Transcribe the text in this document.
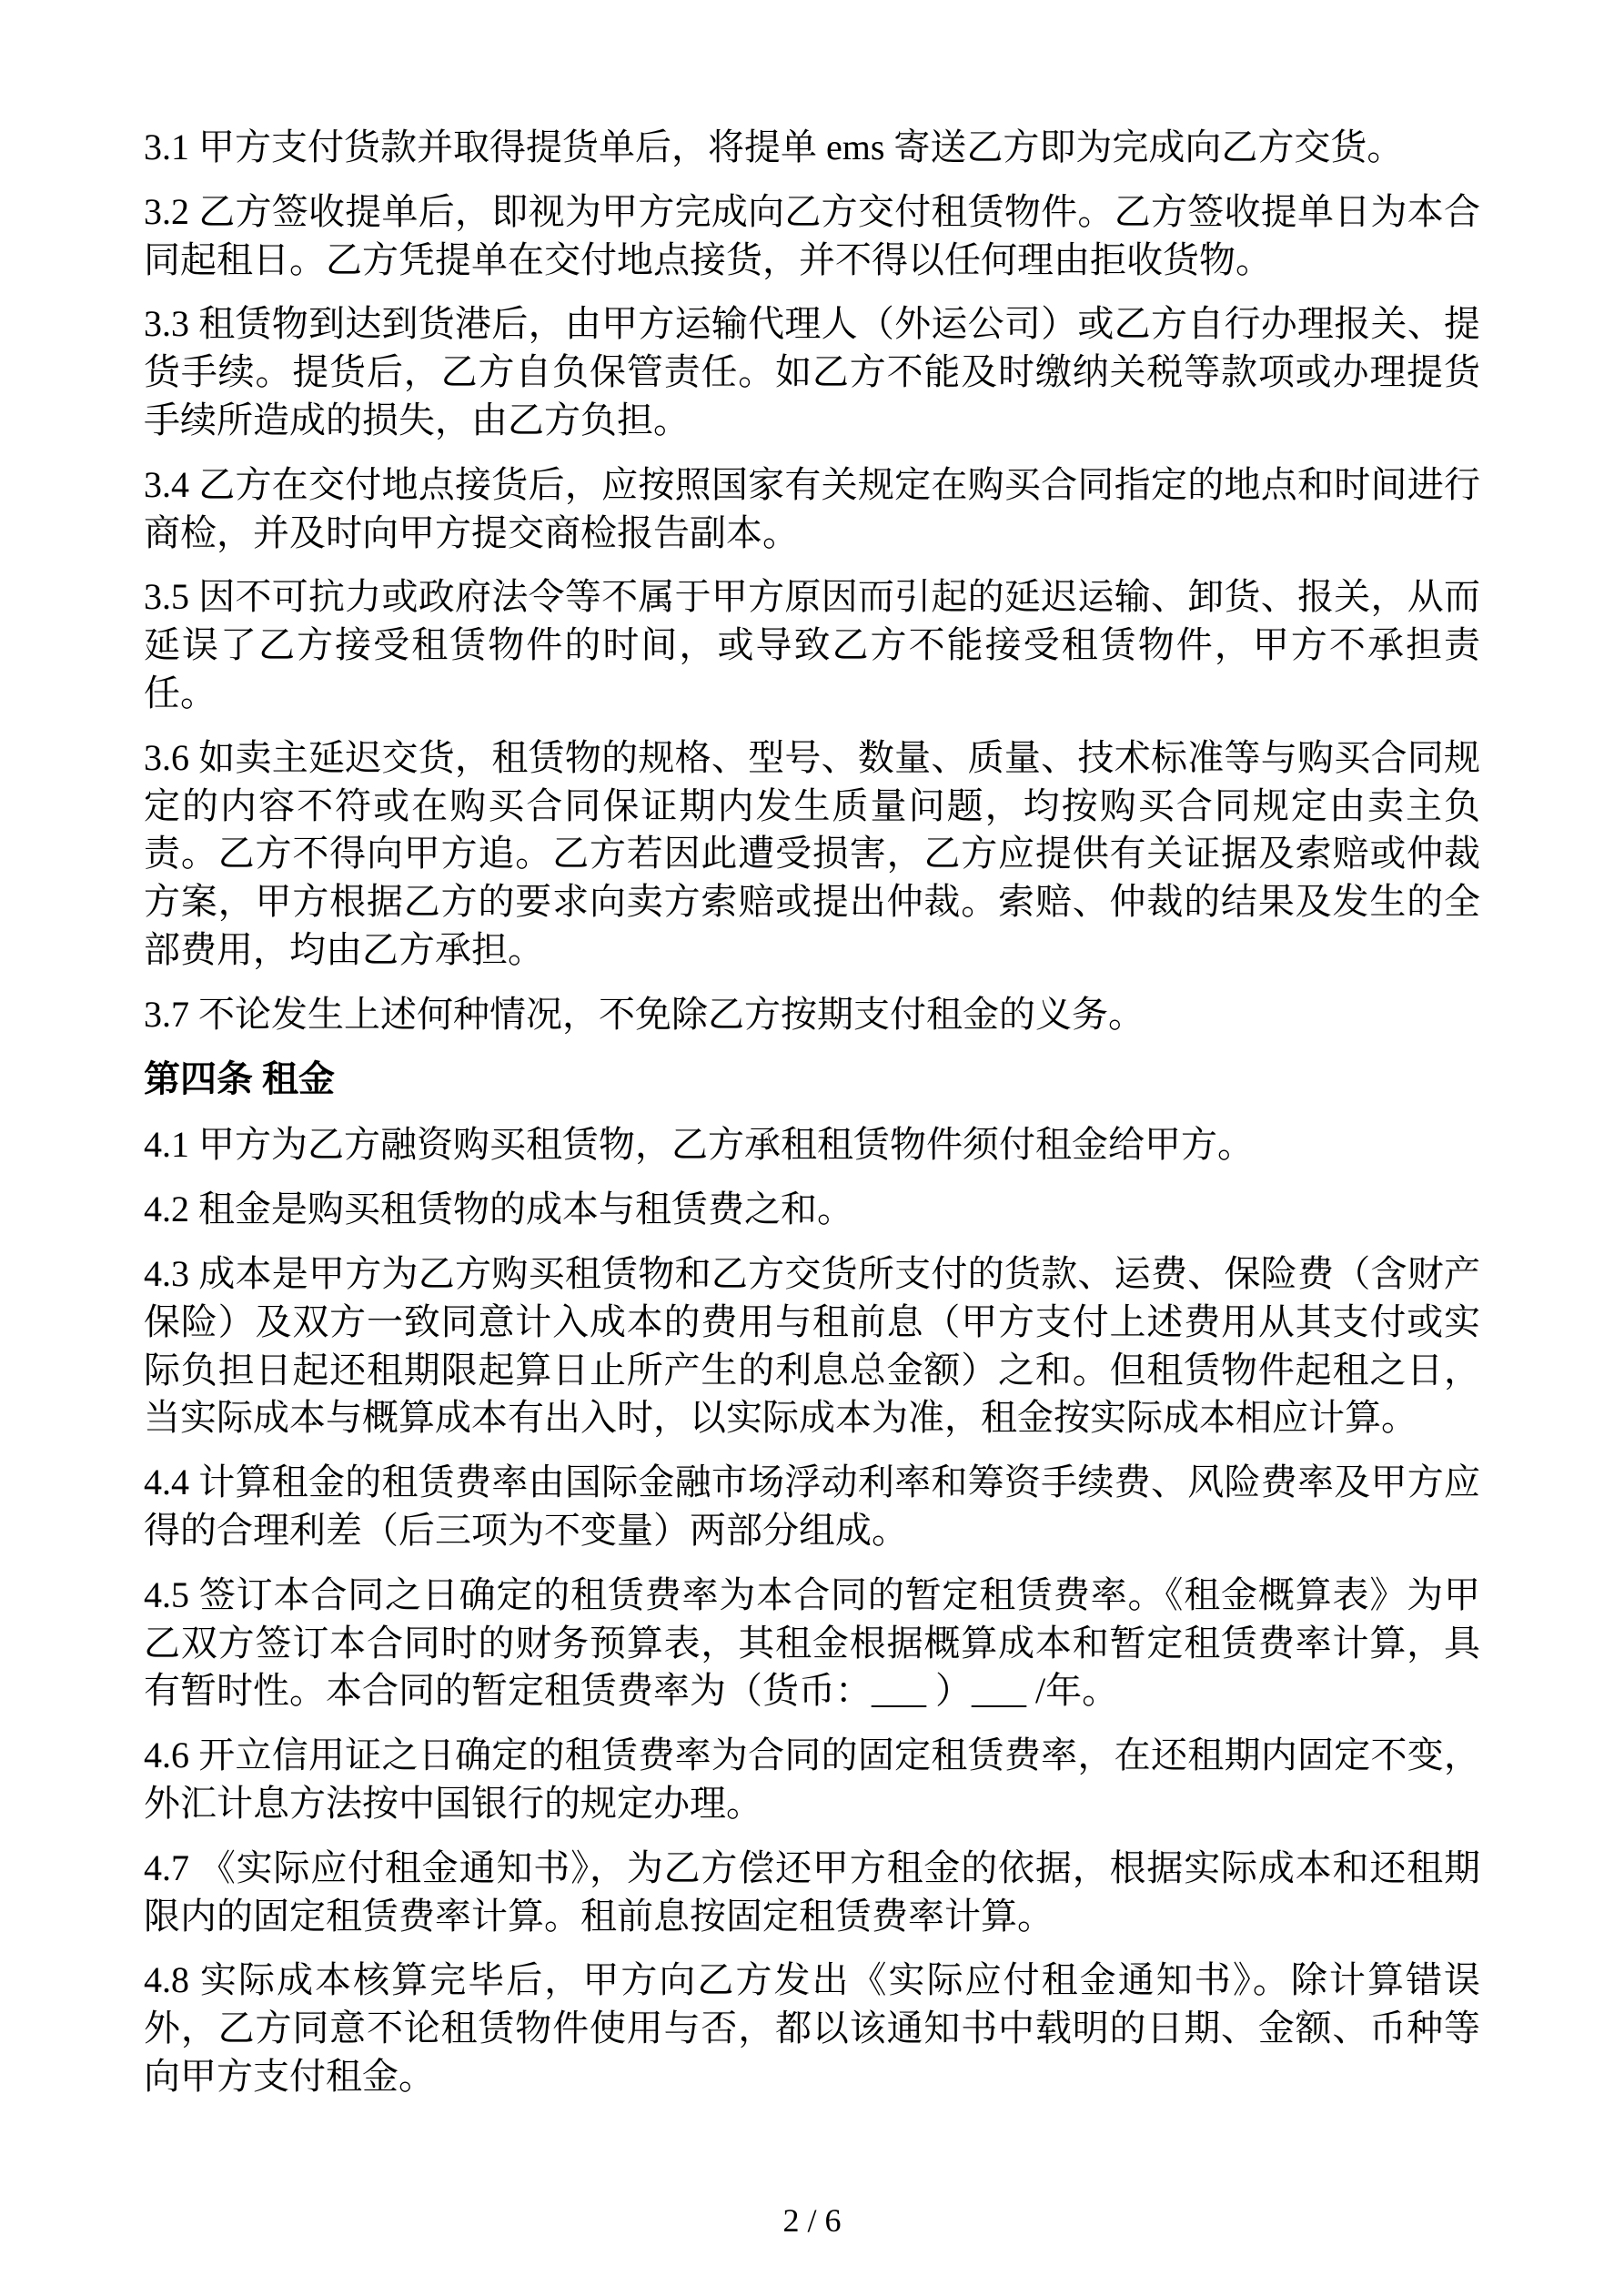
3.1 甲方支付货款并取得提货单后，将提单 ems 寄送乙方即为完成向乙方交货。

3.2 乙方签收提单后，即视为甲方完成向乙方交付租赁物件。乙方签收提单日为本合同起租日。乙方凭提单在交付地点接货，并不得以任何理由拒收货物。

3.3 租赁物到达到货港后，由甲方运输代理人（外运公司）或乙方自行办理报关、提货手续。提货后，乙方自负保管责任。如乙方不能及时缴纳关税等款项或办理提货手续所造成的损失，由乙方负担。

3.4 乙方在交付地点接货后，应按照国家有关规定在购买合同指定的地点和时间进行商检，并及时向甲方提交商检报告副本。

3.5 因不可抗力或政府法令等不属于甲方原因而引起的延迟运输、卸货、报关，从而延误了乙方接受租赁物件的时间，或导致乙方不能接受租赁物件，甲方不承担责任。

3.6 如卖主延迟交货，租赁物的规格、型号、数量、质量、技术标准等与购买合同规定的内容不符或在购买合同保证期内发生质量问题，均按购买合同规定由卖主负责。乙方不得向甲方追。乙方若因此遭受损害，乙方应提供有关证据及索赔或仲裁方案，甲方根据乙方的要求向卖方索赔或提出仲裁。索赔、仲裁的结果及发生的全部费用，均由乙方承担。

3.7 不论发生上述何种情况，不免除乙方按期支付租金的义务。

第四条 租金

4.1 甲方为乙方融资购买租赁物，乙方承租租赁物件须付租金给甲方。

4.2 租金是购买租赁物的成本与租赁费之和。

4.3 成本是甲方为乙方购买租赁物和乙方交货所支付的货款、运费、保险费（含财产保险）及双方一致同意计入成本的费用与租前息（甲方支付上述费用从其支付或实际负担日起还租期限起算日止所产生的利息总金额）之和。但租赁物件起租之日，当实际成本与概算成本有出入时，以实际成本为准，租金按实际成本相应计算。

4.4 计算租金的租赁费率由国际金融市场浮动利率和筹资手续费、风险费率及甲方应得的合理利差（后三项为不变量）两部分组成。

4.5 签订本合同之日确定的租赁费率为本合同的暂定租赁费率。《租金概算表》为甲乙双方签订本合同时的财务预算表，其租金根据概算成本和暂定租赁费率计算，具有暂时性。本合同的暂定租赁费率为（货币：___ ）___ /年。

4.6 开立信用证之日确定的租赁费率为合同的固定租赁费率，在还租期内固定不变，外汇计息方法按中国银行的规定办理。

4.7 《实际应付租金通知书》，为乙方偿还甲方租金的依据，根据实际成本和还租期限内的固定租赁费率计算。租前息按固定租赁费率计算。

4.8 实际成本核算完毕后，甲方向乙方发出《实际应付租金通知书》。除计算错误外，乙方同意不论租赁物件使用与否，都以该通知书中载明的日期、金额、币种等向甲方支付租金。

2 / 6
